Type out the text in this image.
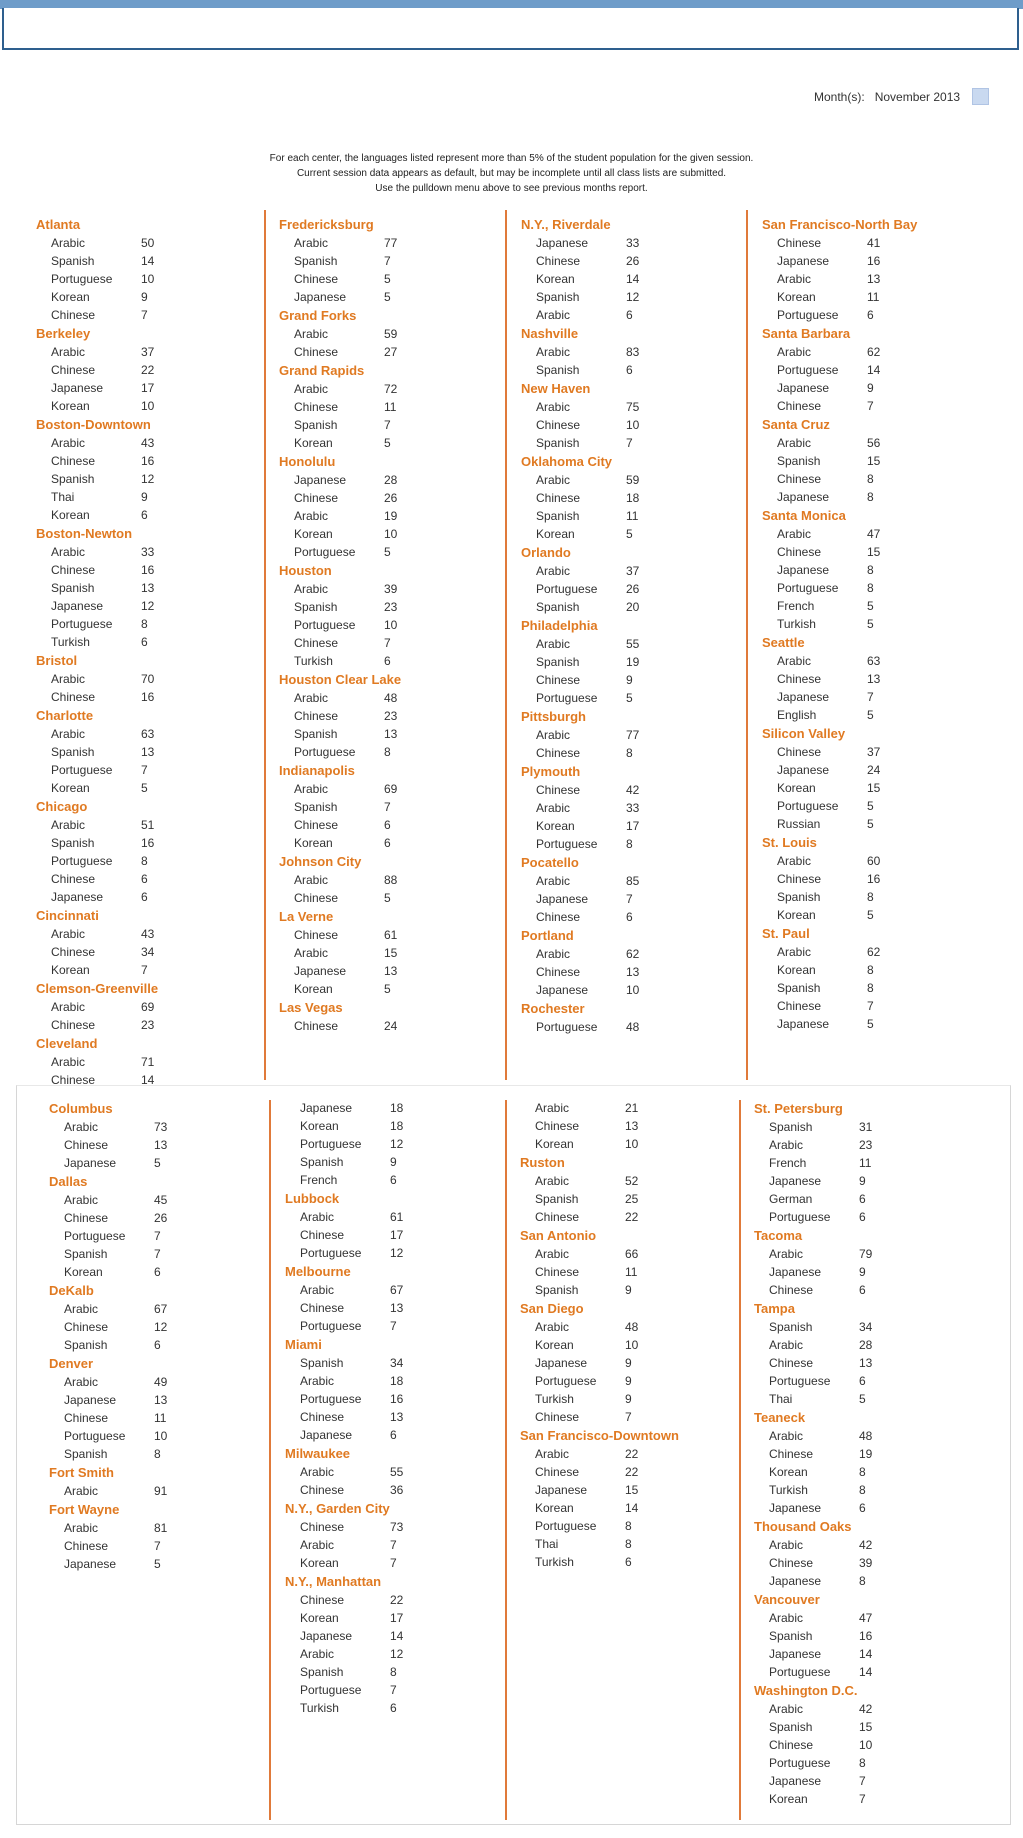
Month(s): November 2013
For each center, the languages listed represent more than 5% of the student population for the given session.
Current session data appears as default, but may be incomplete until all class lists are submitted.
Use the pulldown menu above to see previous months report.
Atlanta
Arabic	50
Spanish	14
Portuguese	10
Korean	9
Chinese	7
Berkeley
Arabic	37
Chinese	22
Japanese	17
Korean	10
Boston-Downtown
Arabic	43
Chinese	16
Spanish	12
Thai	9
Korean	6
Boston-Newton
Arabic	33
Chinese	16
Spanish	13
Japanese	12
Portuguese	8
Turkish	6
Bristol
Arabic	70
Chinese	16
Charlotte
Arabic	63
Spanish	13
Portuguese	7
Korean	5
Chicago
Arabic	51
Spanish	16
Portuguese	8
Chinese	6
Japanese	6
Cincinnati
Arabic	43
Chinese	34
Korean	7
Clemson-Greenville
Arabic	69
Chinese	23
Cleveland
Arabic	71
Chinese	14
Fredericksburg
Arabic	77
Spanish	7
Chinese	5
Japanese	5
Grand Forks
Arabic	59
Chinese	27
Grand Rapids
Arabic	72
Chinese	11
Spanish	7
Korean	5
Honolulu
Japanese	28
Chinese	26
Arabic	19
Korean	10
Portuguese	5
Houston
Arabic	39
Spanish	23
Portuguese	10
Chinese	7
Turkish	6
Houston Clear Lake
Arabic	48
Chinese	23
Spanish	13
Portuguese	8
Indianapolis
Arabic	69
Spanish	7
Chinese	6
Korean	6
Johnson City
Arabic	88
Chinese	5
La Verne
Chinese	61
Arabic	15
Japanese	13
Korean	5
Las Vegas
Chinese	24
N.Y., Riverdale
Japanese	33
Chinese	26
Korean	14
Spanish	12
Arabic	6
Nashville
Arabic	83
Spanish	6
New Haven
Arabic	75
Chinese	10
Spanish	7
Oklahoma City
Arabic	59
Chinese	18
Spanish	11
Korean	5
Orlando
Arabic	37
Portuguese	26
Spanish	20
Philadelphia
Arabic	55
Spanish	19
Chinese	9
Portuguese	5
Pittsburgh
Arabic	77
Chinese	8
Plymouth
Chinese	42
Arabic	33
Korean	17
Portuguese	8
Pocatello
Arabic	85
Japanese	7
Chinese	6
Portland
Arabic	62
Chinese	13
Japanese	10
Rochester
Portuguese	48
San Francisco-North Bay
Chinese	41
Japanese	16
Arabic	13
Korean	11
Portuguese	6
Santa Barbara
Arabic	62
Portuguese	14
Japanese	9
Chinese	7
Santa Cruz
Arabic	56
Spanish	15
Chinese	8
Japanese	8
Santa Monica
Arabic	47
Chinese	15
Japanese	8
Portuguese	8
French	5
Turkish	5
Seattle
Arabic	63
Chinese	13
Japanese	7
English	5
Silicon Valley
Chinese	37
Japanese	24
Korean	15
Portuguese	5
Russian	5
St. Louis
Arabic	60
Chinese	16
Spanish	8
Korean	5
St. Paul
Arabic	62
Korean	8
Spanish	8
Chinese	7
Japanese	5
Columbus
Arabic	73
Chinese	13
Japanese	5
Dallas
Arabic	45
Chinese	26
Portuguese	7
Spanish	7
Korean	6
DeKalb
Arabic	67
Chinese	12
Spanish	6
Denver
Arabic	49
Japanese	13
Chinese	11
Portuguese	10
Spanish	8
Fort Smith
Arabic	91
Fort Wayne
Arabic	81
Chinese	7
Japanese	5
Japanese	18
Korean	18
Portuguese	12
Spanish	9
French	6
Lubbock
Arabic	61
Chinese	17
Portuguese	12
Melbourne
Arabic	67
Chinese	13
Portuguese	7
Miami
Spanish	34
Arabic	18
Portuguese	16
Chinese	13
Japanese	6
Milwaukee
Arabic	55
Chinese	36
N.Y., Garden City
Chinese	73
Arabic	7
Korean	7
N.Y., Manhattan
Chinese	22
Korean	17
Japanese	14
Arabic	12
Spanish	8
Portuguese	7
Turkish	6
Arabic	21
Chinese	13
Korean	10
Ruston
Arabic	52
Spanish	25
Chinese	22
San Antonio
Arabic	66
Chinese	11
Spanish	9
San Diego
Arabic	48
Korean	10
Japanese	9
Portuguese	9
Turkish	9
Chinese	7
San Francisco-Downtown
Arabic	22
Chinese	22
Japanese	15
Korean	14
Portuguese	8
Thai	8
Turkish	6
St. Petersburg
Spanish	31
Arabic	23
French	11
Japanese	9
German	6
Portuguese	6
Tacoma
Arabic	79
Japanese	9
Chinese	6
Tampa
Spanish	34
Arabic	28
Chinese	13
Portuguese	6
Thai	5
Teaneck
Arabic	48
Chinese	19
Korean	8
Turkish	8
Japanese	6
Thousand Oaks
Arabic	42
Chinese	39
Japanese	8
Vancouver
Arabic	47
Spanish	16
Japanese	14
Portuguese	14
Washington D.C.
Arabic	42
Spanish	15
Chinese	10
Portuguese	8
Japanese	7
Korean	7
